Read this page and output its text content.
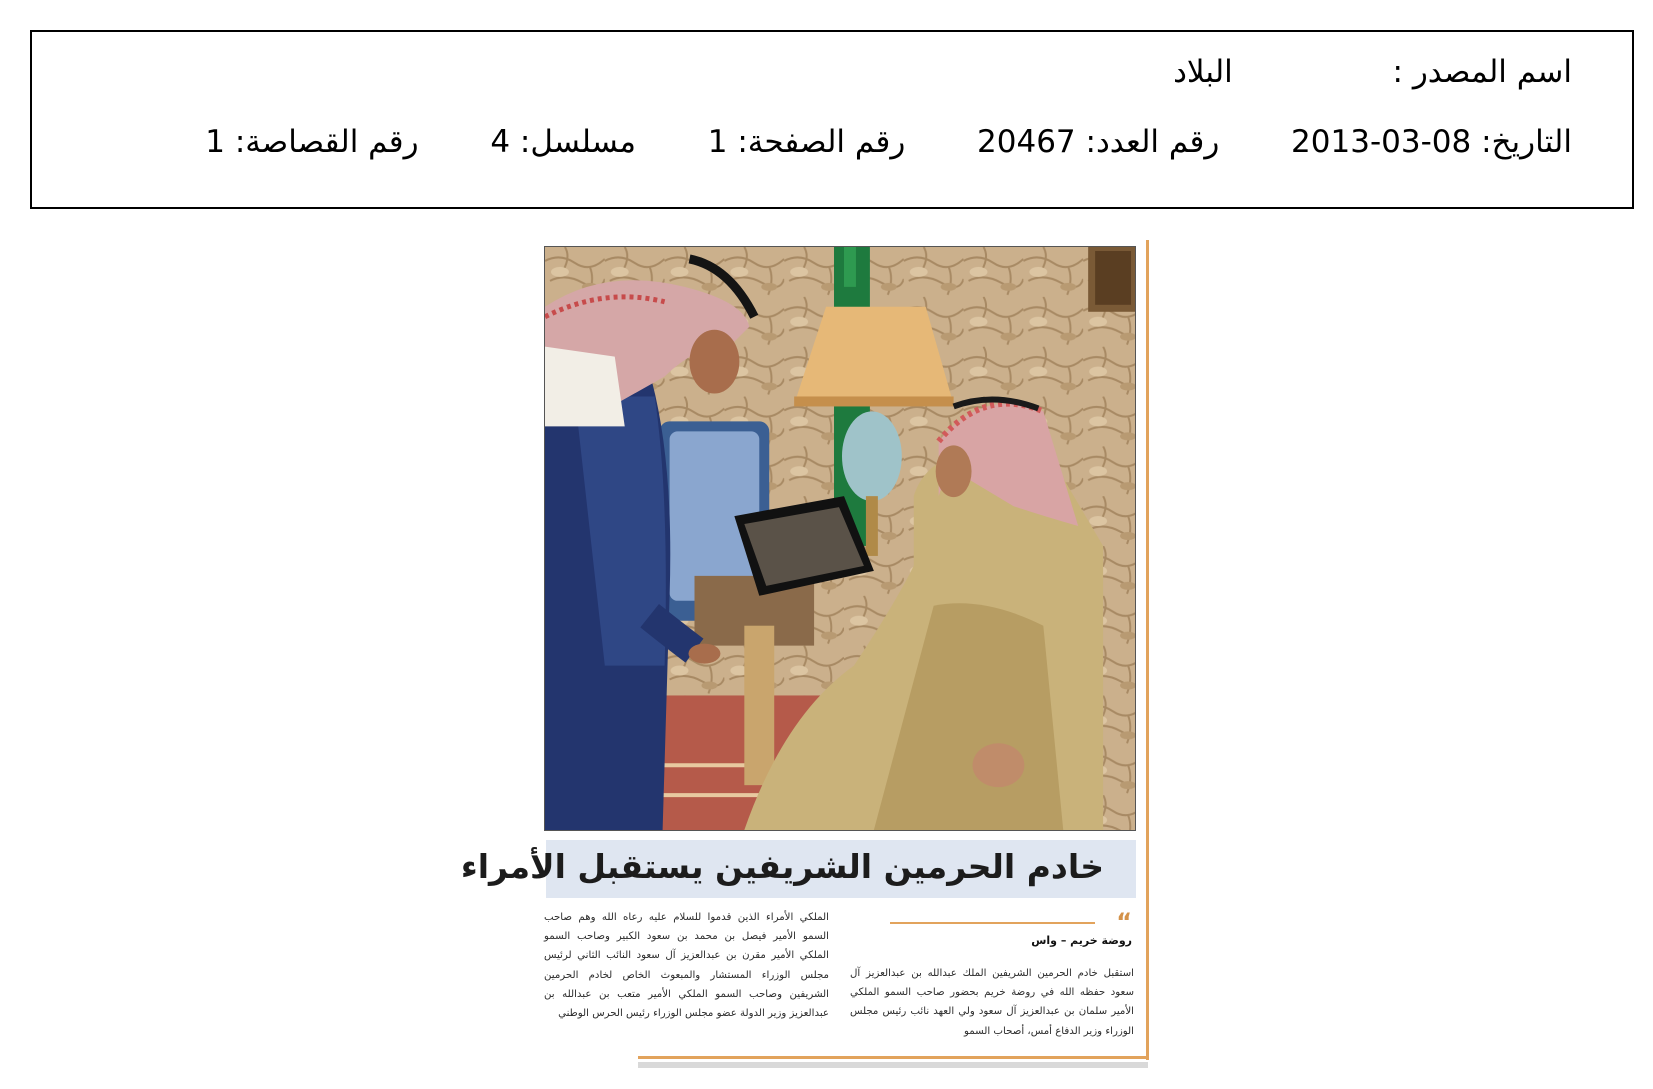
اسم المصدر :  البلاد
التاريخ: 2013-03-08  رقم العدد: 20467  رقم الصفحة: 1  مسلسل: 4  رقم القصاصة: 1
خادم الحرمين الشريفين يستقبل الأمراء
“
روضة خريم – واس
استقبل خادم الحرمين الشريفين الملك عبدالله بن عبدالعزيز آل سعود حفظه الله في روضة خريم بحضور صاحب السمو الملكي الأمير سلمان بن عبدالعزيز آل سعود ولي العهد نائب رئيس مجلس الوزراء وزير الدفاع أمس، أصحاب السمو
الملكي الأمراء الذين قدموا للسلام عليه رعاه الله وهم صاحب السمو الأمير فيصل بن محمد بن سعود الكبير وصاحب السمو الملكي الأمير مقرن بن عبدالعزيز آل سعود النائب الثاني لرئيس مجلس الوزراء المستشار والمبعوث الخاص لخادم الحرمين الشريفين وصاحب السمو الملكي الأمير متعب بن عبدالله بن عبدالعزيز وزير الدولة عضو مجلس الوزراء رئيس الحرس الوطني
